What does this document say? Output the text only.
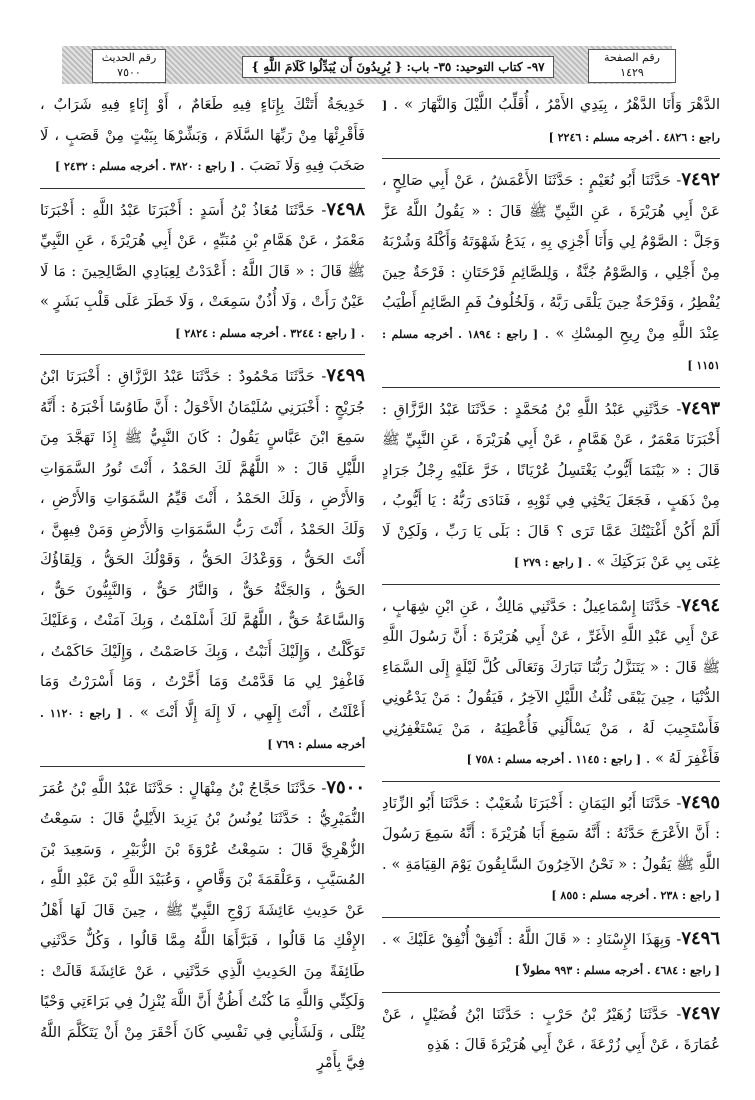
رقم الصفحة
١٤٢٩
٩٧- كتاب التوحيد: ٣٥- باب: { يُرِيدُونَ أَن يُبَدِّلُوا كَلَامَ اللَّهِ }
رقم الحديث
٧٥٠٠
الدَّهْرَ وَأَنَا الدَّهْرُ ، بِيَدِي الأَمْرُ ، أُقَلِّبُ اللَّيْلَ وَالنَّهَارَ » . [ راجع : ٤٨٢٦ . أخرجه مسلم : ٢٢٤٦ ]
٧٤٩٢- حَدَّثَنَا أَبُو نُعَيْمٍ : حَدَّثَنَا الأَعْمَشُ ، عَنْ أَبِي صَالِحٍ ، عَنْ أَبِي هُرَيْرَةَ ، عَنِ النَّبِيِّ ﷺ قَالَ : « يَقُولُ اللَّهُ عَزَّ وَجَلَّ : الصَّوْمُ لِي وَأَنَا أَجْزِي بِهِ ، يَدَعُ شَهْوَتَهُ وَأَكْلَهُ وَشُرْبَهُ مِنْ أَجْلِي ، وَالصَّوْمُ جُنَّةٌ ، وَلِلصَّائِمِ فَرْحَتَانِ : فَرْحَةٌ حِينَ يُفْطِرُ ، وَفَرْحَةٌ حِينَ يَلْقَى رَبَّهُ ، وَلَخُلُوفُ فَمِ الصَّائِمِ أَطْيَبُ عِنْدَ اللَّهِ مِنْ رِيحِ المِسْكِ » . [ راجع : ١٨٩٤ . أخرجه مسلم : ١١٥١ ]
٧٤٩٣- حَدَّثَنِي عَبْدُ اللَّهِ بْنُ مُحَمَّدٍ : حَدَّثَنَا عَبْدُ الرَّزَّاقِ : أَخْبَرَنَا مَعْمَرٌ ، عَنْ هَمَّامٍ ، عَنْ أَبِي هُرَيْرَةَ ، عَنِ النَّبِيِّ ﷺ قَالَ : « بَيْنَمَا أَيُّوبُ يَغْتَسِلُ عُرْيَانًا ، خَرَّ عَلَيْهِ رِجْلُ جَرَادٍ مِنْ ذَهَبٍ ، فَجَعَلَ يَحْثِي فِي ثَوْبِهِ ، فَنَادَى رَبُّهُ : يَا أَيُّوبُ ، أَلَمْ أَكُنْ أَغْنَيْتُكَ عَمَّا تَرَى ؟ قَالَ : بَلَى يَا رَبِّ ، وَلَكِنْ لَا غِنَى بِي عَنْ بَرَكَتِكَ » . [ راجع : ٢٧٩ ]
٧٤٩٤- حَدَّثَنَا إِسْمَاعِيلُ : حَدَّثَنِي مَالِكٌ ، عَنِ ابْنِ شِهَابٍ ، عَنْ أَبِي عَبْدِ اللَّهِ الأَغَرِّ ، عَنْ أَبِي هُرَيْرَةَ : أَنَّ رَسُولَ اللَّهِ ﷺ قَالَ : « يَتَنَزَّلُ رَبُّنَا تَبَارَكَ وَتَعَالَى كُلَّ لَيْلَةٍ إِلَى السَّمَاءِ الدُّنْيَا ، حِينَ يَبْقَى ثُلُثُ اللَّيْلِ الآخِرُ ، فَيَقُولُ : مَنْ يَدْعُونِي فَأَسْتَجِيبَ لَهُ ، مَنْ يَسْأَلُنِي فَأُعْطِيَهُ ، مَنْ يَسْتَغْفِرُنِي فَأَغْفِرَ لَهُ » . [ راجع : ١١٤٥ . أخرجه مسلم : ٧٥٨ ]
٧٤٩٥- حَدَّثَنَا أَبُو اليَمَانِ : أَخْبَرَنَا شُعَيْبٌ : حَدَّثَنَا أَبُو الزِّنَادِ : أَنَّ الأَعْرَجَ حَدَّثَهُ : أَنَّهُ سَمِعَ أَبَا هُرَيْرَةَ : أَنَّهُ سَمِعَ رَسُولَ اللَّهِ ﷺ يَقُولُ : « نَحْنُ الآخِرُونَ السَّابِقُونَ يَوْمَ القِيَامَةِ » . [ راجع : ٢٣٨ . أخرجه مسلم : ٨٥٥ ]
٧٤٩٦- وَبِهَذَا الإِسْنَادِ : « قَالَ اللَّهُ : أَنْفِقْ أُنْفِقْ عَلَيْكَ » . [ راجع : ٤٦٨٤ . أخرجه مسلم : ٩٩٣ مطولاً ]
٧٤٩٧- حَدَّثَنَا زُهَيْرُ بْنُ حَرْبٍ : حَدَّثَنَا ابْنُ فُضَيْلٍ ، عَنْ عُمَارَةَ ، عَنْ أَبِي زُرْعَةَ ، عَنْ أَبِي هُرَيْرَةَ قَالَ : هَذِهِ
خَدِيجَةُ أَتَتْكَ بِإِنَاءٍ فِيهِ طَعَامٌ ، أَوْ إِنَاءٍ فِيهِ شَرَابٌ ، فَأَقْرِئْهَا مِنْ رَبِّهَا السَّلَامَ ، وَبَشِّرْهَا بِبَيْتٍ مِنْ قَصَبٍ ، لَا صَخَبَ فِيهِ وَلَا نَصَبَ . [ راجع : ٣٨٢٠ . أخرجه مسلم : ٢٤٣٢ ]
٧٤٩٨- حَدَّثَنَا مُعَاذُ بْنُ أَسَدٍ : أَخْبَرَنَا عَبْدُ اللَّهِ : أَخْبَرَنَا مَعْمَرٌ ، عَنْ هَمَّامِ بْنِ مُنَبِّهٍ ، عَنْ أَبِي هُرَيْرَةَ ، عَنِ النَّبِيِّ ﷺ قَالَ : « قَالَ اللَّهُ : أَعْدَدْتُ لِعِبَادِي الصَّالِحِينَ : مَا لَا عَيْنٌ رَأَتْ ، وَلَا أُذُنٌ سَمِعَتْ ، وَلَا خَطَرَ عَلَى قَلْبِ بَشَرٍ » . [ راجع : ٣٢٤٤ . أخرجه مسلم : ٢٨٢٤ ]
٧٤٩٩- حَدَّثَنَا مَحْمُودٌ : حَدَّثَنَا عَبْدُ الرَّزَّاقِ : أَخْبَرَنَا ابْنُ جُرَيْجٍ : أَخْبَرَنِي سُلَيْمَانُ الأَحْوَلُ : أَنَّ طَاوُسًا أَخْبَرَهُ : أَنَّهُ سَمِعَ ابْنَ عَبَّاسٍ يَقُولُ : كَانَ النَّبِيُّ ﷺ إِذَا تَهَجَّدَ مِنَ اللَّيْلِ قَالَ : « اللَّهُمَّ لَكَ الحَمْدُ ، أَنْتَ نُورُ السَّمَوَاتِ وَالأَرْضِ ، وَلَكَ الحَمْدُ ، أَنْتَ قَيِّمُ السَّمَوَاتِ وَالأَرْضِ ، وَلَكَ الحَمْدُ ، أَنْتَ رَبُّ السَّمَوَاتِ وَالأَرْضِ وَمَنْ فِيهِنَّ ، أَنْتَ الحَقُّ ، وَوَعْدُكَ الحَقُّ ، وَقَوْلُكَ الحَقُّ ، وَلِقَاؤُكَ الحَقُّ ، وَالجَنَّةُ حَقٌّ ، وَالنَّارُ حَقٌّ ، وَالنَّبِيُّونَ حَقٌّ ، وَالسَّاعَةُ حَقٌّ ، اللَّهُمَّ لَكَ أَسْلَمْتُ ، وَبِكَ آمَنْتُ ، وَعَلَيْكَ تَوَكَّلْتُ ، وَإِلَيْكَ أَنَبْتُ ، وَبِكَ خَاصَمْتُ ، وَإِلَيْكَ حَاكَمْتُ ، فَاغْفِرْ لِي مَا قَدَّمْتُ وَمَا أَخَّرْتُ ، وَمَا أَسْرَرْتُ وَمَا أَعْلَنْتُ ، أَنْتَ إِلَهِي ، لَا إِلَهَ إِلَّا أَنْتَ » . [ راجع : ١١٢٠ . أخرجه مسلم : ٧٦٩ ]
٧٥٠٠- حَدَّثَنَا حَجَّاجُ بْنُ مِنْهَالٍ : حَدَّثَنَا عَبْدُ اللَّهِ بْنُ عُمَرَ النُّمَيْرِيُّ : حَدَّثَنَا يُونُسُ بْنُ يَزِيدَ الأَيْلِيُّ قَالَ : سَمِعْتُ الزُّهْرِيَّ قَالَ : سَمِعْتُ عُرْوَةَ بْنَ الزُّبَيْرِ ، وَسَعِيدَ بْنَ المُسَيَّبِ ، وَعَلْقَمَةَ بْنَ وَقَّاصٍ ، وَعُبَيْدَ اللَّهِ بْنَ عَبْدِ اللَّهِ ، عَنْ حَدِيثِ عَائِشَةَ زَوْجِ النَّبِيِّ ﷺ ، حِينَ قَالَ لَهَا أَهْلُ الإِفْكِ مَا قَالُوا ، فَبَرَّأَهَا اللَّهُ مِمَّا قَالُوا ، وَكُلٌّ حَدَّثَنِي طَائِفَةً مِنَ الحَدِيثِ الَّذِي حَدَّثَنِي ، عَنْ عَائِشَةَ قَالَتْ : وَلَكِنِّي وَاللَّهِ مَا كُنْتُ أَظُنُّ أَنَّ اللَّهَ يُنْزِلُ فِي بَرَاءَتِي وَحْيًا يُتْلَى ، وَلَشَأْنِي فِي نَفْسِي كَانَ أَحْقَرَ مِنْ أَنْ يَتَكَلَّمَ اللَّهُ فِيَّ بِأَمْرٍ
